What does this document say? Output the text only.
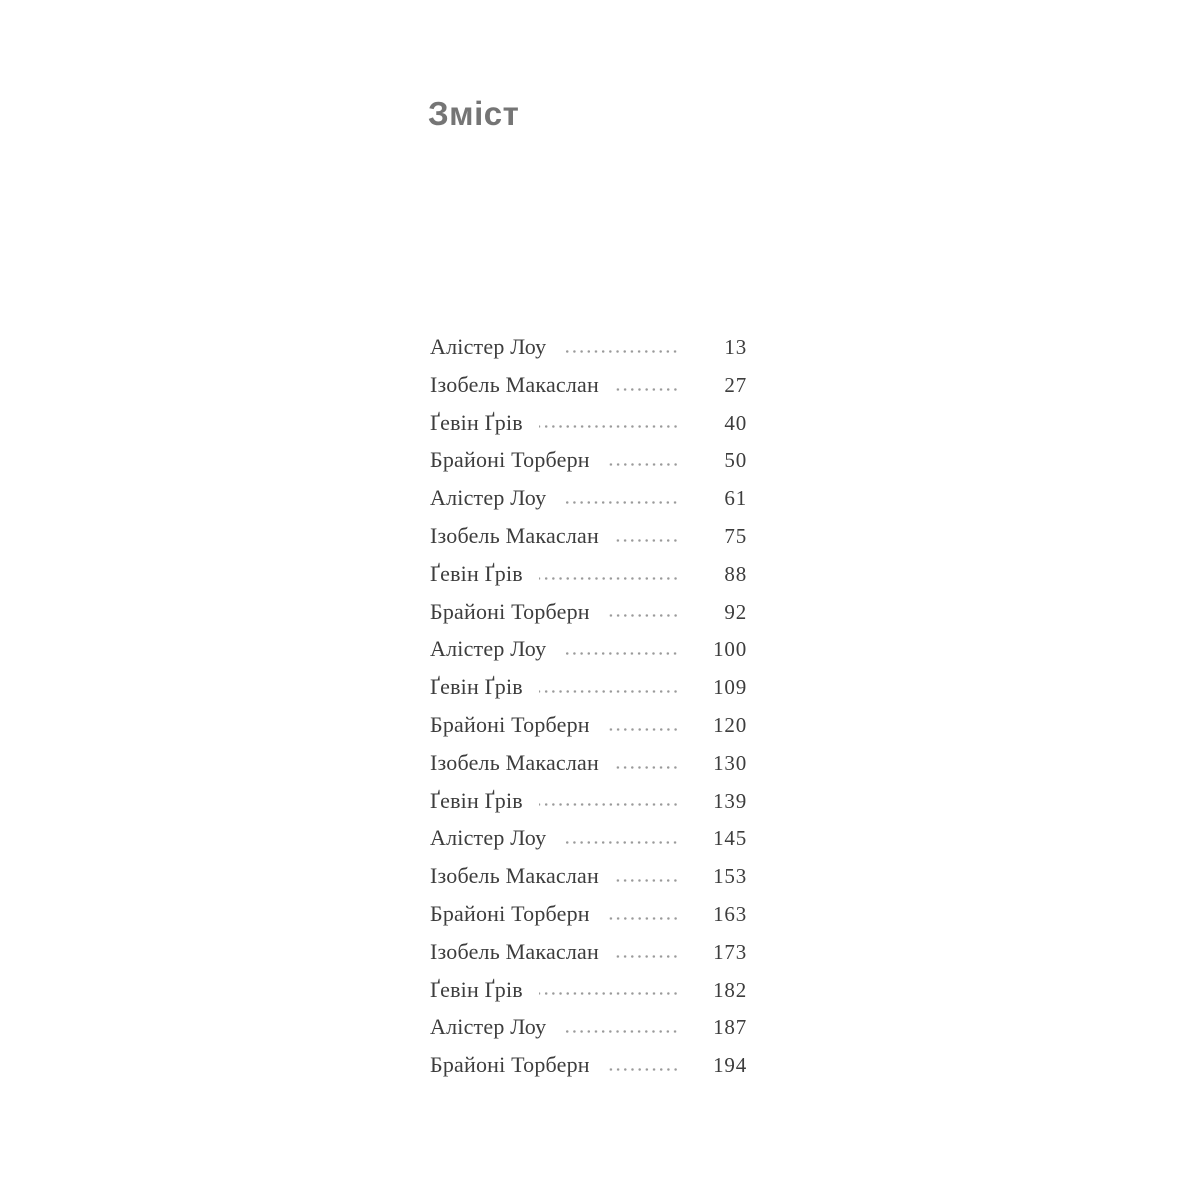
Зміст
Алістер Лоу	13
Ізобель Макаслан	27
Ґевін Ґрів	40
Брайоні Торберн	50
Алістер Лоу	61
Ізобель Макаслан	75
Ґевін Ґрів	88
Брайоні Торберн	92
Алістер Лоу	100
Ґевін Ґрів	109
Брайоні Торберн	120
Ізобель Макаслан	130
Ґевін Ґрів	139
Алістер Лоу	145
Ізобель Макаслан	153
Брайоні Торберн	163
Ізобель Макаслан	173
Ґевін Ґрів	182
Алістер Лоу	187
Брайоні Торберн	194
